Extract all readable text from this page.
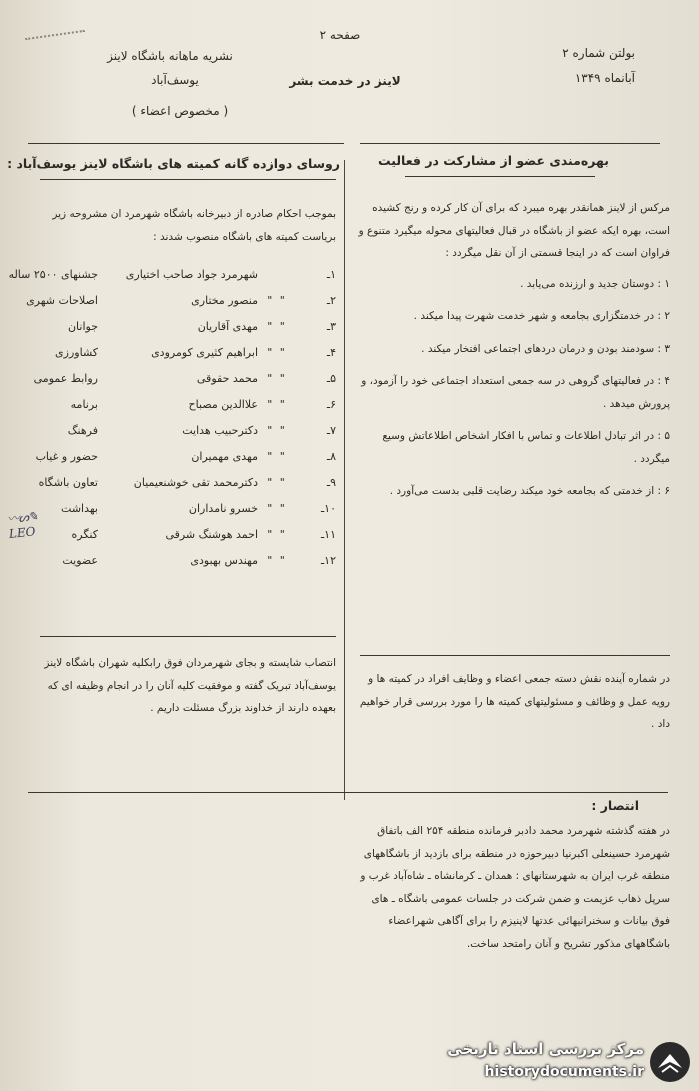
صفحه ۲
نشریه ماهانه باشگاه لاینز
یوسف‌آباد
( مخصوص اعضاء )
لاینز در خدمت بشر
بولتن شماره ۲
آبانماه ۱۳۴۹
بهره‌مندی عضو از مشارکت در فعالیت

مرکس از لاینز همانقدر بهره میبرد که برای آن کار کرده و رنج کشیده است، بهره ایکه عضو از باشگاه در قبال فعالیتهای محوله میگیرد متنوع و فراوان است که در اینجا قسمتی از آن نقل میگردد :

۱ : دوستان جدید و ارزنده می‌یابد .

۲ : در خدمتگزاری بجامعه و شهر خدمت شهرت پیدا میکند .

۳ : سودمند بودن و درمان دردهای اجتماعی افتخار میکند .

۴ : در فعالیتهای گروهی در سه جمعی استعداد اجتماعی خود را آزمود، و پرورش میدهد .

۵ : در اثر تبادل اطلاعات و تماس با افکار اشخاص اطلاعاتش وسیع میگردد .

۶ : از خدمتی که بجامعه خود میکند رضایت قلبی بدست می‌آورد .

در شماره آینده نقش دسته جمعی اعضاء و وظایف افراد در کمیته ها و رویه عمل و وظائف و مسئولیتهای کمیته ها را مورد بررسی قرار خواهیم داد .
روسای دوازده گانه کمیته های باشگاه لاینز یوسف‌آباد :
بموجب احکام صادره از دبیرخانه باشگاه شهرمرد ان مشروحه زیر بریاست کمیته های باشگاه منصوب شدند :
۱ـ
شهرمرد جواد صاحب اختیاری
جشنهای ۲۵۰۰ ساله
۲ـ
" "
منصور مختاری
اصلاحات شهری
۳ـ
" "
مهدی آقاریان
جوانان
۴ـ
" "
ابراهیم کثیری کومرودی
کشاورزی
۵ـ
" "
محمد حقوقی
روابط عمومی
۶ـ
" "
علاالدین مصباح
برنامه
۷ـ
" "
دکترحبیب هدایت
فرهنگ
۸ـ
" "
مهدی مهمیران
حضور و غیاب
۹ـ
" "
دکترمحمد تقی خوشنعیمیان
تعاون باشگاه
۱۰ـ
" "
خسرو نامداران
بهداشت
۱۱ـ
" "
احمد هوشنگ شرقی
کنگره
۱۲ـ
" "
مهندس بهبودی
عضویت
〰ᔕ✎
LEO
انتصاب شایسته و بجای شهرمردان فوق رابکلیه شهران باشگاه لاینز یوسف‌آباد تبریک گفته و موفقیت کلیه آنان را در انجام وظیفه ای که بعهده دارند از خداوند بزرگ مسئلت داریم .
انتصار :
در هفته گذشته شهرمرد محمد دادبر فرمانده منطقه ۲۵۴ الف باتفاق شهرمرد حسینعلی اکبرنیا دبیرحوزه در منطقه برای بازدید از باشگاههای منطقه غرب ایران به شهرستانهای : همدان ـ کرمانشاه ـ شاه‌آباد غرب و سرپل ذهاب عزیمت و ضمن شرکت در جلسات عمومی باشگاه ـ های فوق بیانات و سخنرانیهائی عدتها لاینیزم را برای آگاهی شهراعضاء باشگاههای مذکور تشریح و آنان رامتحد ساخت.
مرکز بررسی اسناد تاریخی
historydocuments.ir
